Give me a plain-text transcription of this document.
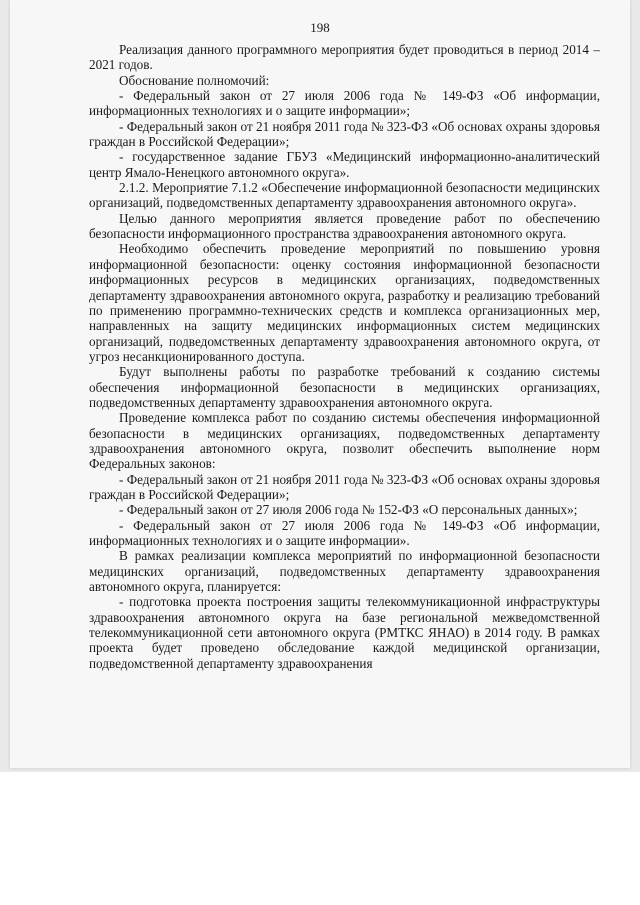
198

Реализация данного программного мероприятия будет проводиться в период 2014 – 2021 годов.

Обоснование полномочий:

- Федеральный закон от 27 июля 2006 года № 149-ФЗ «Об информации, информационных технологиях и о защите информации»;

- Федеральный закон от 21 ноября 2011 года № 323-ФЗ «Об основах охраны здоровья граждан в Российской Федерации»;

- государственное задание ГБУЗ «Медицинский информационно-аналитический центр Ямало-Ненецкого автономного округа».

2.1.2. Мероприятие 7.1.2 «Обеспечение информационной безопасности медицинских организаций, подведомственных департаменту здравоохранения автономного округа».

Целью данного мероприятия является проведение работ по обеспечению безопасности информационного пространства здравоохранения автономного округа.

Необходимо обеспечить проведение мероприятий по повышению уровня информационной безопасности: оценку состояния информационной безопасности информационных ресурсов в медицинских организациях, подведомственных департаменту здравоохранения автономного округа, разработку и реализацию требований по применению программно-технических средств и комплекса организационных мер, направленных на защиту медицинских информационных систем медицинских организаций, подведомственных департаменту здравоохранения автономного округа, от угроз несанкционированного доступа.

Будут выполнены работы по разработке требований к созданию системы обеспечения информационной безопасности в медицинских организациях, подведомственных департаменту здравоохранения автономного округа.

Проведение комплекса работ по созданию системы обеспечения информационной безопасности в медицинских организациях, подведомственных департаменту здравоохранения автономного округа, позволит обеспечить выполнение норм Федеральных законов:

- Федеральный закон от 21 ноября 2011 года № 323-ФЗ «Об основах охраны здоровья граждан в Российской Федерации»;

- Федеральный закон от 27 июля 2006 года № 152-ФЗ «О персональных данных»;

- Федеральный закон от 27 июля 2006 года № 149-ФЗ «Об информации, информационных технологиях и о защите информации».

В рамках реализации комплекса мероприятий по информационной безопасности медицинских организаций, подведомственных департаменту здравоохранения автономного округа, планируется:

- подготовка проекта построения защиты телекоммуникационной инфраструктуры здравоохранения автономного округа на базе региональной межведомственной телекоммуникационной сети автономного округа (РМТКС ЯНАО) в 2014 году. В рамках проекта будет проведено обследование каждой медицинской организации, подведомственной департаменту здравоохранения
